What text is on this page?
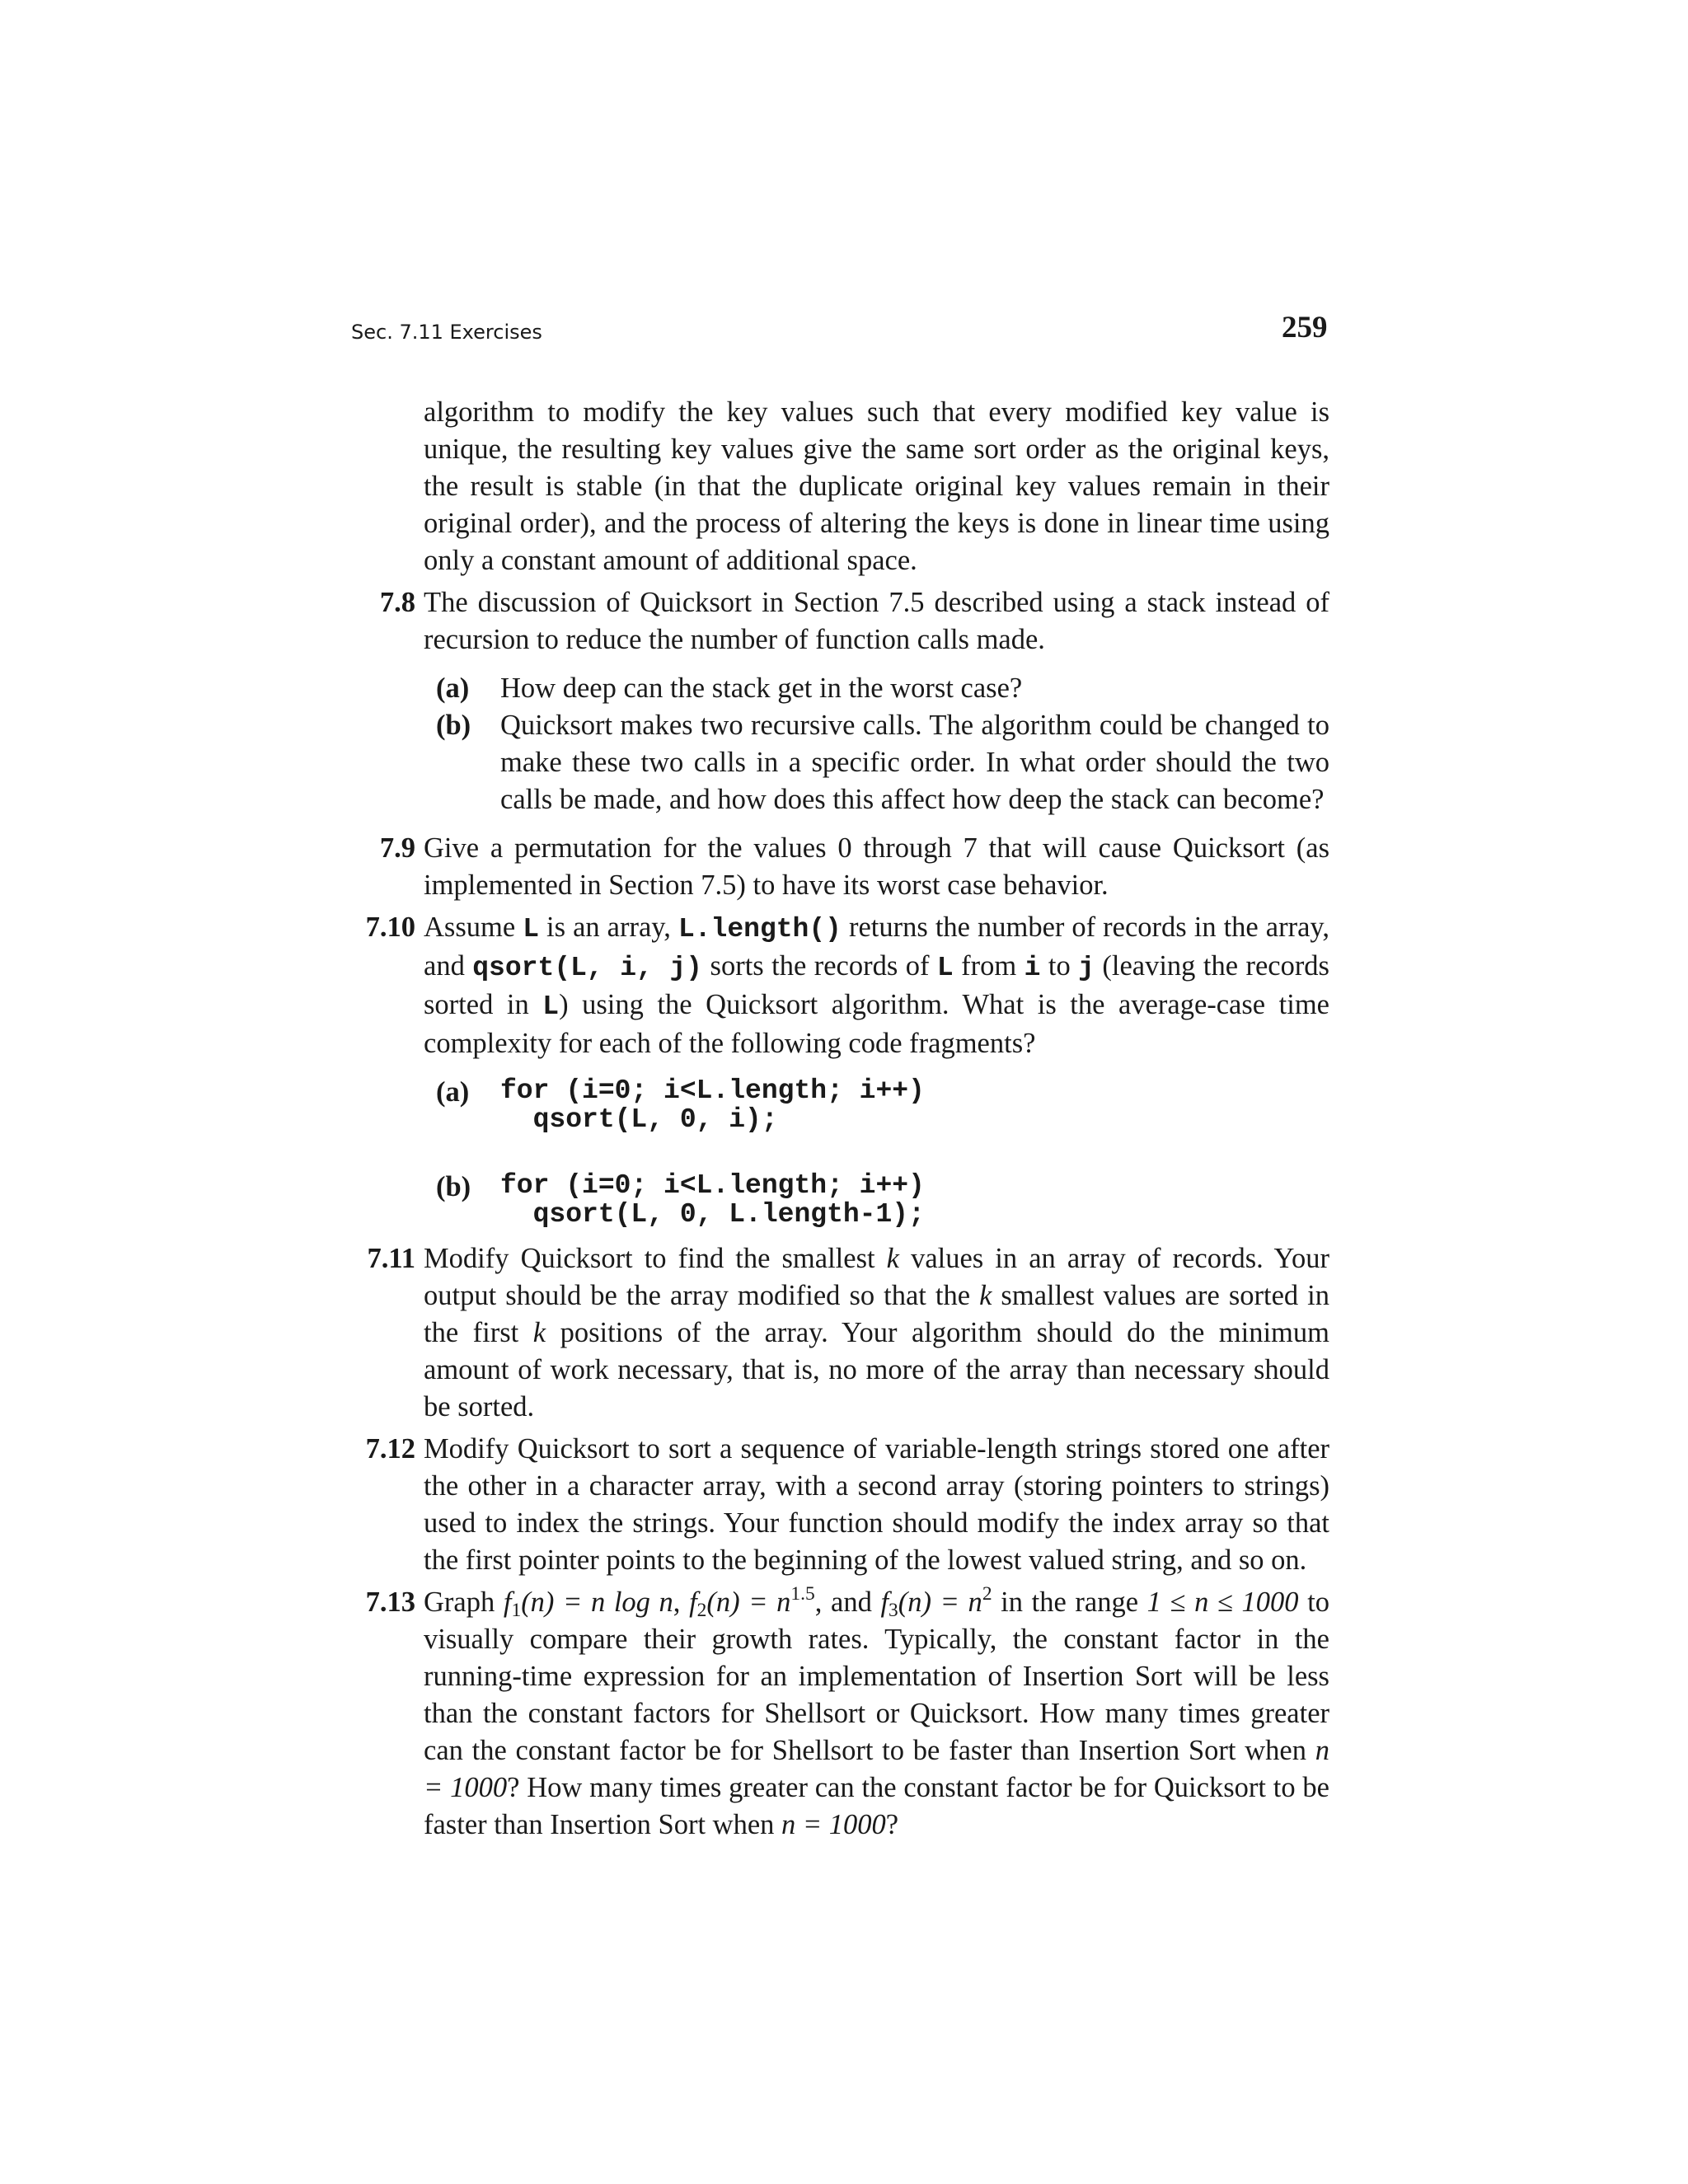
Sec. 7.11 Exercises	259
algorithm to modify the key values such that every modified key value is unique, the resulting key values give the same sort order as the original keys, the result is stable (in that the duplicate original key values remain in their original order), and the process of altering the keys is done in linear time using only a constant amount of additional space.
7.8 The discussion of Quicksort in Section 7.5 described using a stack instead of recursion to reduce the number of function calls made.
(a) How deep can the stack get in the worst case?
(b) Quicksort makes two recursive calls. The algorithm could be changed to make these two calls in a specific order. In what order should the two calls be made, and how does this affect how deep the stack can become?
7.9 Give a permutation for the values 0 through 7 that will cause Quicksort (as implemented in Section 7.5) to have its worst case behavior.
7.10 Assume L is an array, L.length() returns the number of records in the array, and qsort(L, i, j) sorts the records of L from i to j (leaving the records sorted in L) using the Quicksort algorithm. What is the average-case time complexity for each of the following code fragments?
(a) for (i=0; i<L.length; i++)
qsort(L, 0, i);
(b) for (i=0; i<L.length; i++)
qsort(L, 0, L.length-1);
7.11 Modify Quicksort to find the smallest k values in an array of records. Your output should be the array modified so that the k smallest values are sorted in the first k positions of the array. Your algorithm should do the minimum amount of work necessary, that is, no more of the array than necessary should be sorted.
7.12 Modify Quicksort to sort a sequence of variable-length strings stored one after the other in a character array, with a second array (storing pointers to strings) used to index the strings. Your function should modify the index array so that the first pointer points to the beginning of the lowest valued string, and so on.
7.13 Graph $f_1(n) = n$ log n, $f_2(n) = n^{1.5}$, and $f_3(n) = n^2$ in the range 1 ≤ n ≤ 1000 to visually compare their growth rates. Typically, the constant factor in the running-time expression for an implementation of Insertion Sort will be less than the constant factors for Shellsort or Quicksort. How many times greater can the constant factor be for Shellsort to be faster than Insertion Sort when n = 1000? How many times greater can the constant factor be for Quicksort to be faster than Insertion Sort when n = 1000?
